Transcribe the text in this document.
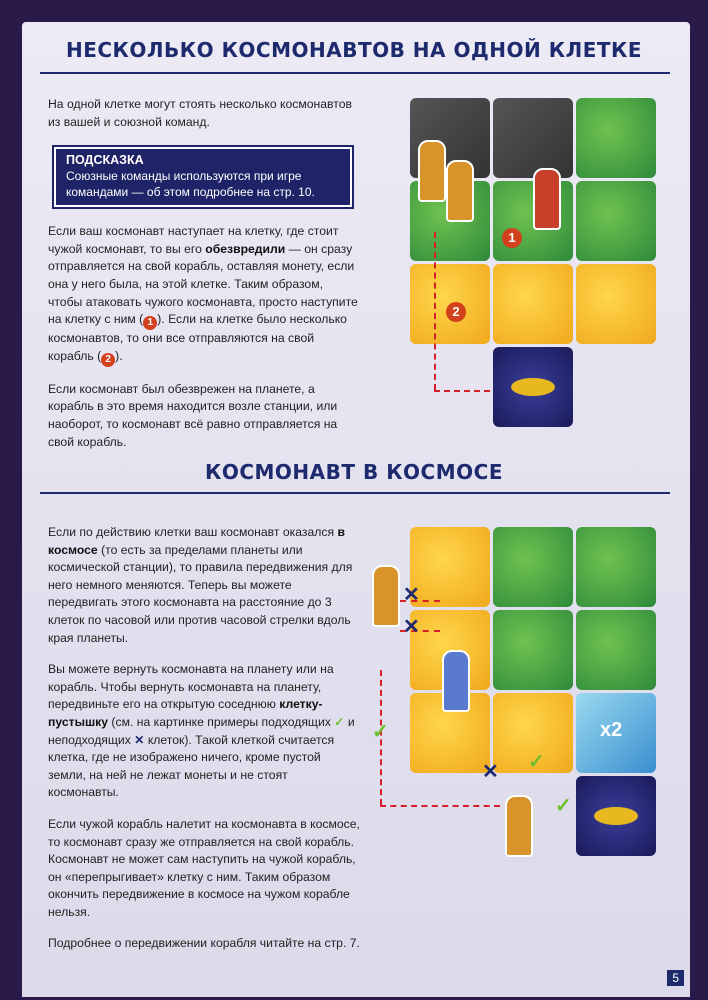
НЕСКОЛЬКО КОСМОНАВТОВ НА ОДНОЙ КЛЕТКЕ

На одной клетке могут стоять несколько космонавтов из вашей и союзной команд.

ПОДСКАЗКА
Союзные команды используются при игре командами — об этом подробнее на стр. 10.

Если ваш космонавт наступает на клетку, где стоит чужой космонавт, то вы его обезвредили — он сразу отправляется на свой корабль, оставляя монету, если она у него была, на этой клетке. Таким образом, чтобы атаковать чужого космонавта, просто наступите на клетку с ним ( 1 ). Если на клетке было несколько космонавтов, то они все отправляются на свой корабль ( 2 ).

Если космонавт был обезврежен на планете, а корабль в это время находится возле станции, или наоборот, то космонавт всё равно отправляется на свой корабль.

1
2
КОСМОНАВТ В КОСМОСЕ

Если по действию клетки ваш космонавт оказался в космосе (то есть за пределами планеты или космической станции), то правила передвижения для него немного меняются. Теперь вы можете передвигать этого космонавта на расстояние до 3 клеток по часовой или против часовой стрелки вдоль края планеты.

Вы можете вернуть космонавта на планету или на корабль. Чтобы вернуть космонавта на планету, передвиньте его на открытую соседнюю клетку-пустышку (см. на картинке примеры подходящих ✓ и неподходящих ✕ клеток). Такой клеткой считается клетка, где не изображено ничего, кроме пустой земли, на ней не лежат монеты и не стоят космонавты.

Если чужой корабль налетит на космонавта в космосе, то космонавт сразу же отправляется на свой корабль. Космонавт не может сам наступить на чужой корабль, он «перепрыгивает» клетку с ним. Таким образом окончить передвижение в космосе на чужом корабле нельзя.

Подробнее о передвижении корабля читайте на стр. 7.

x2
✕
✕
✕
✓
✓
✓
5
